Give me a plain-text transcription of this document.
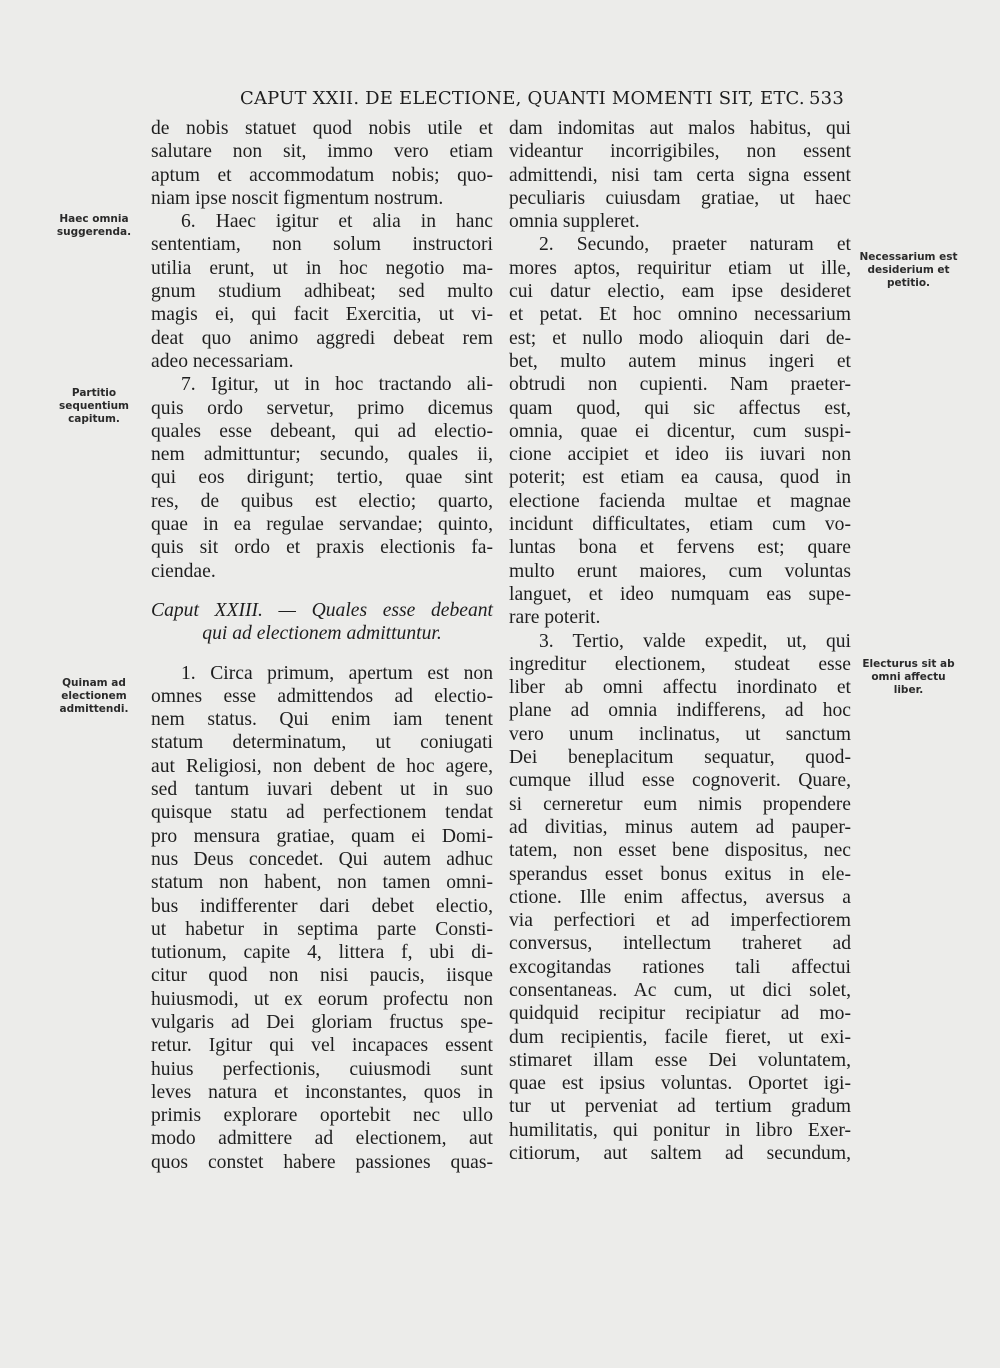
CAPUT XXII. DE ELECTIONE, QUANTI MOMENTI SIT, ETC. 533
Haec omnia suggerenda.
Partitio sequentium capitum.
Quinam ad electionem admittendi.
Necessarium est desiderium et petitio.
Electurus sit ab omni affectu liber.
de nobis statuet quod nobis utile et
salutare non sit, immo vero etiam
aptum et accommodatum nobis; quo-
niam ipse noscit figmentum nostrum.
6. Haec igitur et alia in hanc
sententiam, non solum instructori
utilia erunt, ut in hoc negotio ma-
gnum studium adhibeat; sed multo
magis ei, qui facit Exercitia, ut vi-
deat quo animo aggredi debeat rem
adeo necessariam.
7. Igitur, ut in hoc tractando ali-
quis ordo servetur, primo dicemus
quales esse debeant, qui ad electio-
nem admittuntur; secundo, quales ii,
qui eos dirigunt; tertio, quae sint
res, de quibus est electio; quarto,
quae in ea regulae servandae; quinto,
quis sit ordo et praxis electionis fa-
ciendae.
Caput XXIII. — Quales esse debeant
qui ad electionem admittuntur.
1. Circa primum, apertum est non
omnes esse admittendos ad electio-
nem status. Qui enim iam tenent
statum determinatum, ut coniugati
aut Religiosi, non debent de hoc agere,
sed tantum iuvari debent ut in suo
quisque statu ad perfectionem tendat
pro mensura gratiae, quam ei Domi-
nus Deus concedet. Qui autem adhuc
statum non habent, non tamen omni-
bus indifferenter dari debet electio,
ut habetur in septima parte Consti-
tutionum, capite 4, littera f, ubi di-
citur quod non nisi paucis, iisque
huiusmodi, ut ex eorum profectu non
vulgaris ad Dei gloriam fructus spe-
retur. Igitur qui vel incapaces essent
huius perfectionis, cuiusmodi sunt
leves natura et inconstantes, quos in
primis explorare oportebit nec ullo
modo admittere ad electionem, aut
quos constet habere passiones quas-
dam indomitas aut malos habitus, qui
videantur incorrigibiles, non essent
admittendi, nisi tam certa signa essent
peculiaris cuiusdam gratiae, ut haec
omnia suppleret.
2. Secundo, praeter naturam et
mores aptos, requiritur etiam ut ille,
cui datur electio, eam ipse desideret
et petat. Et hoc omnino necessarium
est; et nullo modo alioquin dari de-
bet, multo autem minus ingeri et
obtrudi non cupienti. Nam praeter-
quam quod, qui sic affectus est,
omnia, quae ei dicentur, cum suspi-
cione accipiet et ideo iis iuvari non
poterit; est etiam ea causa, quod in
electione facienda multae et magnae
incidunt difficultates, etiam cum vo-
luntas bona et fervens est; quare
multo erunt maiores, cum voluntas
languet, et ideo numquam eas supe-
rare poterit.
3. Tertio, valde expedit, ut, qui
ingreditur electionem, studeat esse
liber ab omni affectu inordinato et
plane ad omnia indifferens, ad hoc
vero unum inclinatus, ut sanctum
Dei beneplacitum sequatur, quod-
cumque illud esse cognoverit. Quare,
si cerneretur eum nimis propendere
ad divitias, minus autem ad pauper-
tatem, non esset bene dispositus, nec
sperandus esset bonus exitus in ele-
ctione. Ille enim affectus, aversus a
via perfectiori et ad imperfectiorem
conversus, intellectum traheret ad
excogitandas rationes tali affectui
consentaneas. Ac cum, ut dici solet,
quidquid recipitur recipiatur ad mo-
dum recipientis, facile fieret, ut exi-
stimaret illam esse Dei voluntatem,
quae est ipsius voluntas. Oportet igi-
tur ut perveniat ad tertium gradum
humilitatis, qui ponitur in libro Exer-
citiorum, aut saltem ad secundum,
